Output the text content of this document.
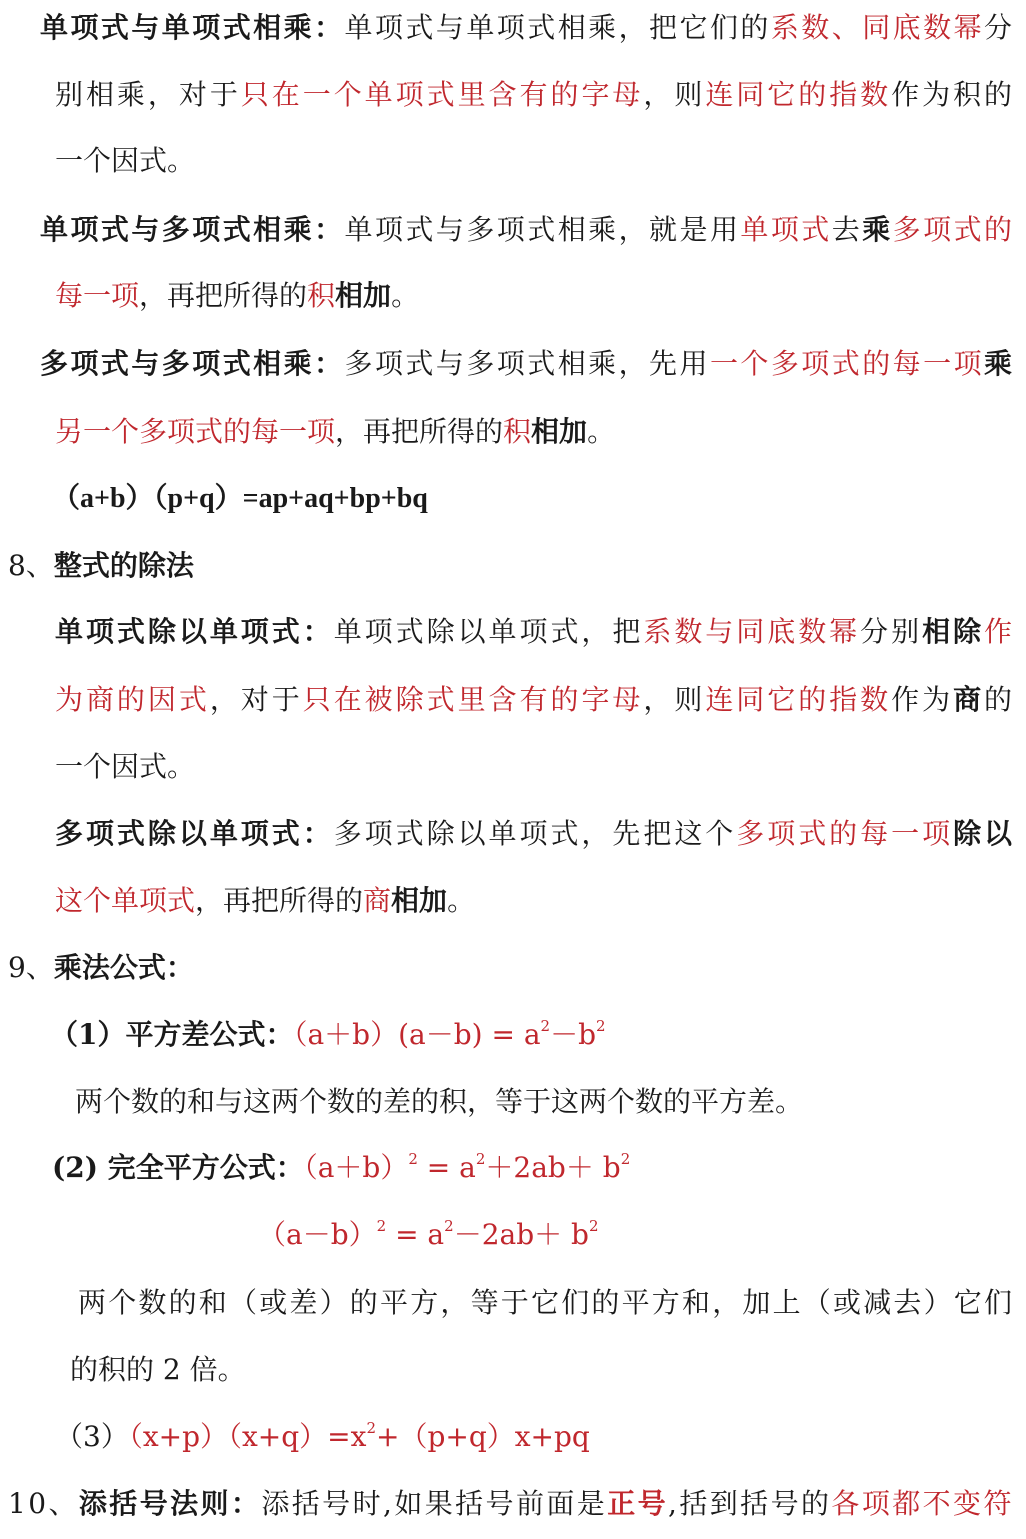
单项式与单项式相乘：单项式与单项式相乘，把它们的系数、同底数幂分
别相乘，对于只在一个单项式里含有的字母，则连同它的指数作为积的
一个因式。
单项式与多项式相乘：单项式与多项式相乘，就是用单项式去乘多项式的
每一项，再把所得的积相加。
多项式与多项式相乘：多项式与多项式相乘，先用一个多项式的每一项乘
另一个多项式的每一项，再把所得的积相加。
（a+b）（p+q）=ap+aq+bp+bq
8、整式的除法
单项式除以单项式：单项式除以单项式，把系数与同底数幂分别相除作
为商的因式，对于只在被除式里含有的字母，则连同它的指数作为商的
一个因式。
多项式除以单项式：多项式除以单项式，先把这个多项式的每一项除以
这个单项式，再把所得的商相加。
9、乘法公式：
（1）平方差公式：$(a+b)(a-b) = a^2-b^2$
两个数的和与这两个数的差的积，等于这两个数的平方差。
(2) 完全平方公式：$(a+b)^2 = a^2+2ab+ b^2$
$(a-b)^2 = a^2-2ab+ b^2$
两个数的和（或差）的平方，等于它们的平方和，加上（或减去）它们
的积的 2 倍。
$(3)(x+p)(x+q)=x^2+(p+q)x+pq$
10、添括号法则：添括号时,如果括号前面是正号,括到括号的各项都不变符
